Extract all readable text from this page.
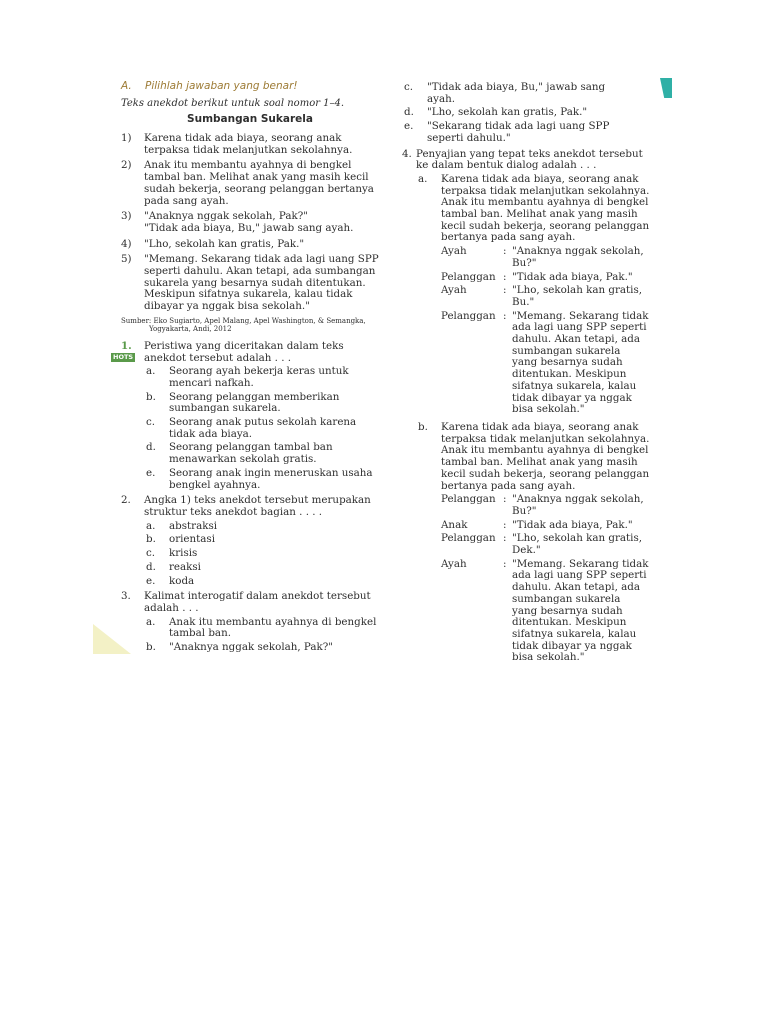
A. Pilihlah jawaban yang benar!
Teks anekdot berikut untuk soal nomor 1–4.
Sumbangan Sukarela
1) Karena tidak ada biaya, seorang anak
terpaksa tidak melanjutkan sekolahnya.
2) Anak itu membantu ayahnya di bengkel
tambal ban. Melihat anak yang masih kecil
sudah bekerja, seorang pelanggan bertanya
pada sang ayah.
3) "Anaknya nggak sekolah, Pak?"
"Tidak ada biaya, Bu," jawab sang ayah.
4) "Lho, sekolah kan gratis, Pak."
5) "Memang. Sekarang tidak ada lagi uang SPP
seperti dahulu. Akan tetapi, ada sumbangan
sukarela yang besarnya sudah ditentukan.
Meskipun sifatnya sukarela, kalau tidak
dibayar ya nggak bisa sekolah."
Sumber: Eko Sugiarto, Apel Malang, Apel Washington, & Semangka,
Yogyakarta, Andi, 2012
1.
HOTS
Peristiwa yang diceritakan dalam teks
anekdot tersebut adalah . . .
a. Seorang ayah bekerja keras untuk
mencari nafkah.
b. Seorang pelanggan memberikan
sumbangan sukarela.
c. Seorang anak putus sekolah karena
tidak ada biaya.
d. Seorang pelanggan tambal ban
menawarkan sekolah gratis.
e. Seorang anak ingin meneruskan usaha
bengkel ayahnya.
2. Angka 1) teks anekdot tersebut merupakan
struktur teks anekdot bagian . . . .
a. abstraksi
b. orientasi
c. krisis
d. reaksi
e. koda
3. Kalimat interogatif dalam anekdot tersebut
adalah . . .
a. Anak itu membantu ayahnya di bengkel
tambal ban.
b. "Anaknya nggak sekolah, Pak?"
c. "Tidak ada biaya, Bu," jawab sang
ayah.
d. "Lho, sekolah kan gratis, Pak."
e. "Sekarang tidak ada lagi uang SPP
seperti dahulu."
4. Penyajian yang tepat teks anekdot tersebut
ke dalam bentuk dialog adalah . . .
a. Karena tidak ada biaya, seorang anak
terpaksa tidak melanjutkan sekolahnya.
Anak itu membantu ayahnya di bengkel
tambal ban. Melihat anak yang masih
kecil sudah bekerja, seorang pelanggan
bertanya pada sang ayah.
Ayah	: "Anaknya nggak sekolah,
Bu?"
Pelanggan : "Tidak ada biaya, Pak."
Ayah	: "Lho, sekolah kan gratis,
Bu."
Pelanggan : "Memang. Sekarang tidak
ada lagi uang SPP seperti
dahulu. Akan tetapi, ada
sumbangan sukarela
yang besarnya sudah
ditentukan. Meskipun
sifatnya sukarela, kalau
tidak dibayar ya nggak
bisa sekolah."
b. Karena tidak ada biaya, seorang anak
terpaksa tidak melanjutkan sekolahnya.
Anak itu membantu ayahnya di bengkel
tambal ban. Melihat anak yang masih
kecil sudah bekerja, seorang pelanggan
bertanya pada sang ayah.
Pelanggan : "Anaknya nggak sekolah,
Bu?"
Anak	: "Tidak ada biaya, Pak."
Pelanggan : "Lho, sekolah kan gratis,
Dek."
Ayah	: "Memang. Sekarang tidak
ada lagi uang SPP seperti
dahulu. Akan tetapi, ada
sumbangan sukarela
yang besarnya sudah
ditentukan. Meskipun
sifatnya sukarela, kalau
tidak dibayar ya nggak
bisa sekolah."
